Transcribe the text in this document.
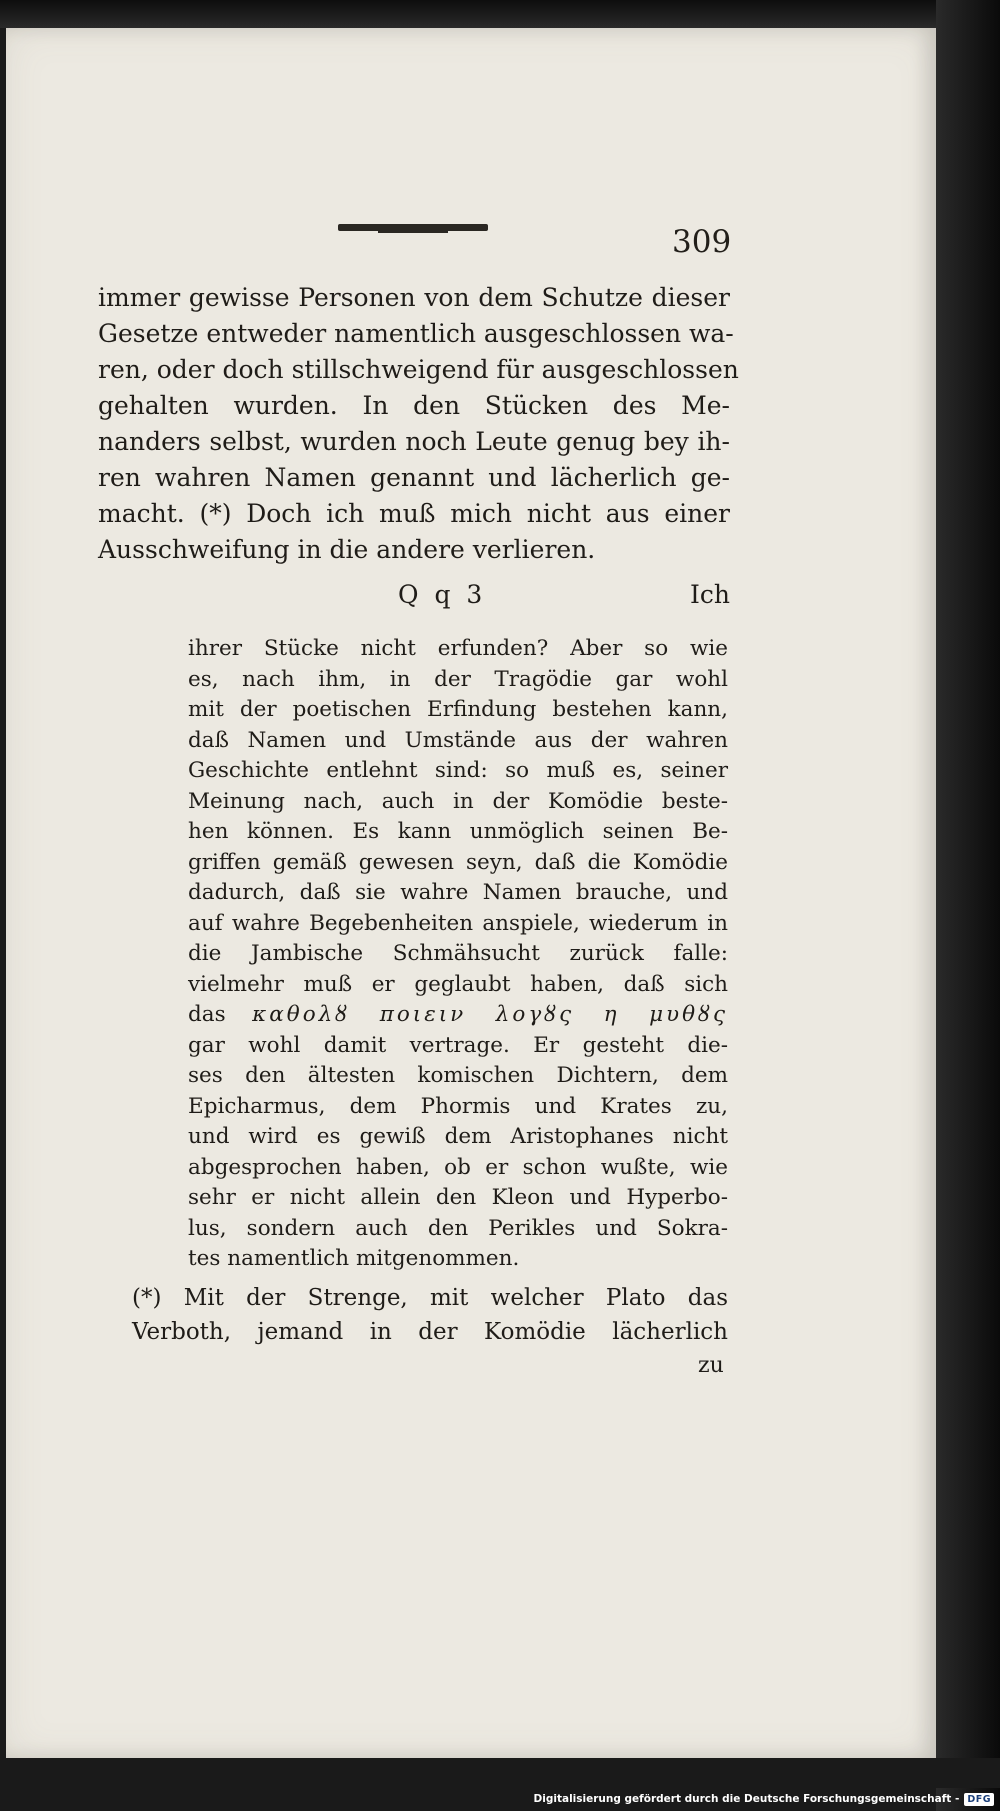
309
immer gewisse Personen von dem Schutze dieser
Gesetze entweder namentlich ausgeschlossen wa-
ren, oder doch stillschweigend für ausgeschlossen
gehalten wurden. In den Stücken des Me-
nanders selbst, wurden noch Leute genug bey ih-
ren wahren Namen genannt und lächerlich ge-
macht. (*) Doch ich muß mich nicht aus einer
Ausschweifung in die andere verlieren.
Q q 3	Ich
ihrer Stücke nicht erfunden? Aber so wie
es, nach ihm, in der Tragödie gar wohl
mit der poetischen Erfindung bestehen kann,
daß Namen und Umstände aus der wahren
Geschichte entlehnt sind: so muß es, seiner
Meinung nach, auch in der Komödie beste-
hen können. Es kann unmöglich seinen Be-
griffen gemäß gewesen seyn, daß die Komödie
dadurch, daß sie wahre Namen brauche, und
auf wahre Begebenheiten anspiele, wiederum in
die Jambische Schmähsucht zurück falle:
vielmehr muß er geglaubt haben, daß sich
das καθολȣ ποιειν λογȣς η μυθȣς
gar wohl damit vertrage. Er gesteht die-
ses den ältesten komischen Dichtern, dem
Epicharmus, dem Phormis und Krates zu,
und wird es gewiß dem Aristophanes nicht
abgesprochen haben, ob er schon wußte, wie
sehr er nicht allein den Kleon und Hyperbo-
lus, sondern auch den Perikles und Sokra-
tes namentlich mitgenommen.
(*) Mit der Strenge, mit welcher Plato das
Verboth, jemand in der Komödie lächerlich
zu
Digitalisierung gefördert durch die Deutsche Forschungsgemeinschaft - DFG
